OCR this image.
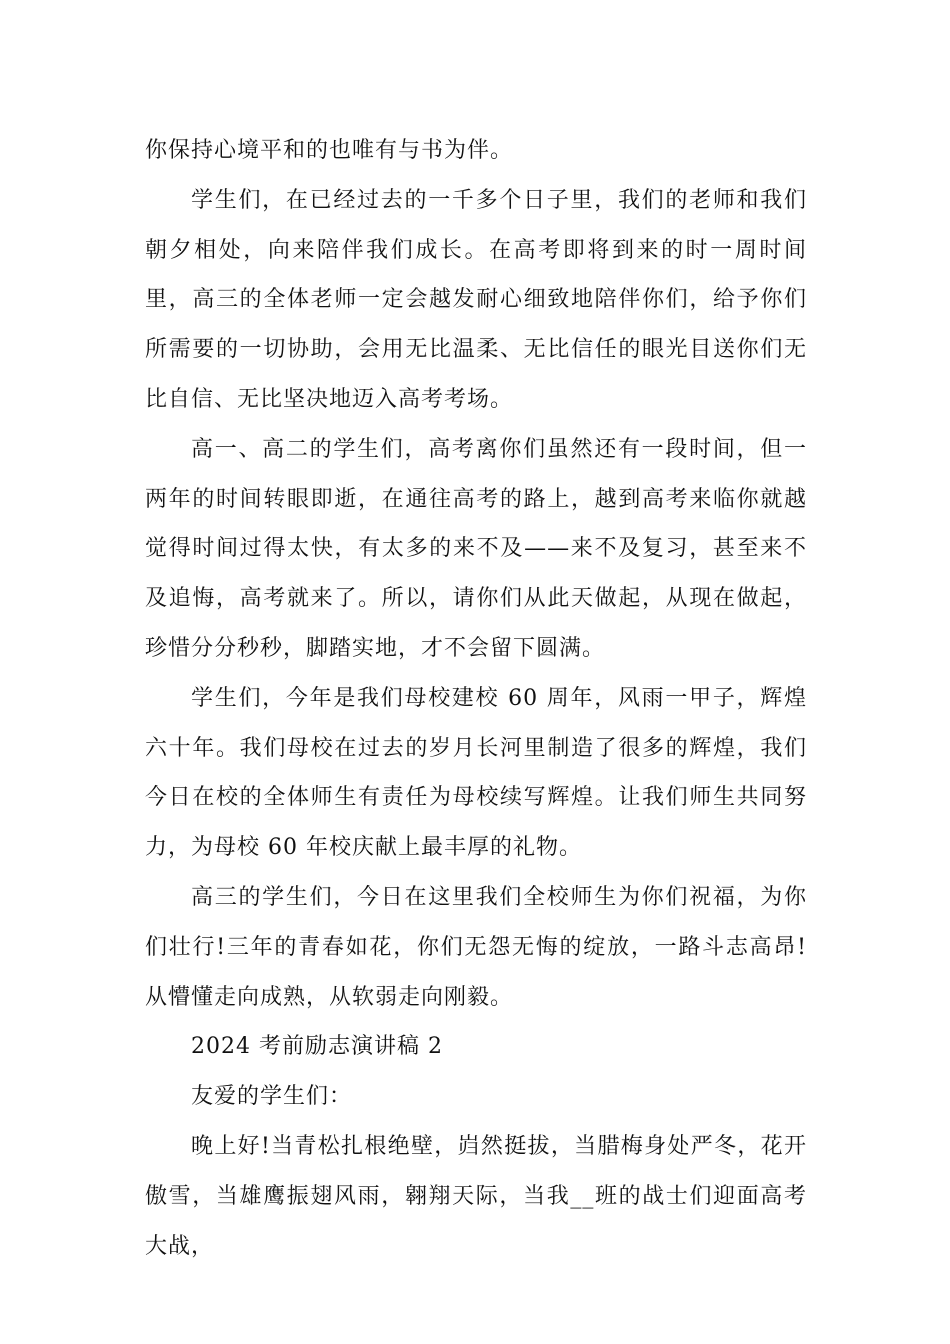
你保持心境平和的也唯有与书为伴。

学生们，在已经过去的一千多个日子里，我们的老师和我们朝夕相处，向来陪伴我们成长。在高考即将到来的时一周时间里，高三的全体老师一定会越发耐心细致地陪伴你们，给予你们所需要的一切协助，会用无比温柔、无比信任的眼光目送你们无比自信、无比坚决地迈入高考考场。

高一、高二的学生们，高考离你们虽然还有一段时间，但一两年的时间转眼即逝，在通往高考的路上，越到高考来临你就越觉得时间过得太快，有太多的来不及——来不及复习，甚至来不及追悔，高考就来了。所以，请你们从此天做起，从现在做起，珍惜分分秒秒，脚踏实地，才不会留下圆满。

学生们，今年是我们母校建校 60 周年，风雨一甲子，辉煌六十年。我们母校在过去的岁月长河里制造了很多的辉煌，我们今日在校的全体师生有责任为母校续写辉煌。让我们师生共同努力，为母校 60 年校庆献上最丰厚的礼物。

高三的学生们，今日在这里我们全校师生为你们祝福，为你们壮行!三年的青春如花，你们无怨无悔的绽放，一路斗志高昂!从懵懂走向成熟，从软弱走向刚毅。

2024 考前励志演讲稿 2

友爱的学生们：

晚上好!当青松扎根绝壁，岿然挺拔，当腊梅身处严冬，花开傲雪，当雄鹰振翅风雨，翱翔天际，当我__班的战士们迎面高考大战，
